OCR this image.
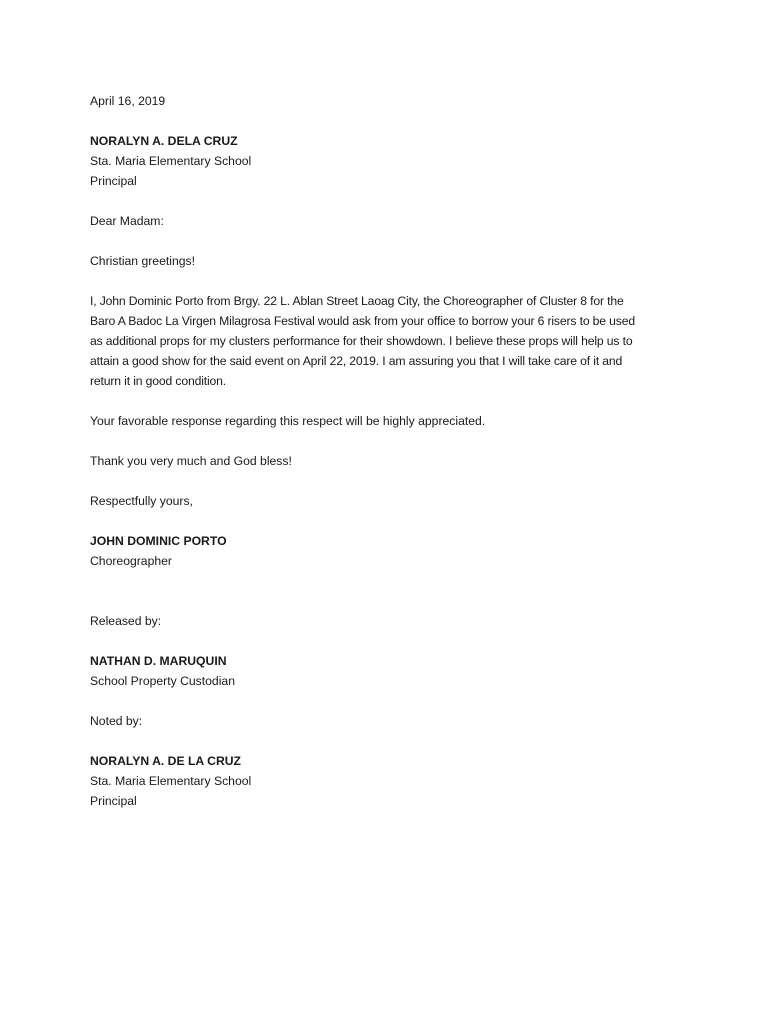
April 16, 2019
NORALYN A. DELA CRUZ
Sta. Maria Elementary School
Principal
Dear Madam:
Christian greetings!
I, John Dominic Porto from Brgy. 22 L. Ablan Street Laoag City, the Choreographer of Cluster 8 for the
Baro A Badoc La Virgen Milagrosa Festival would ask from your office to borrow your 6 risers to be used
as additional props for my clusters performance for their showdown. I believe these props will help us to
attain a good show for the said event on April 22, 2019. I am assuring you that I will take care of it and
return it in good condition.
Your favorable response regarding this respect will be highly appreciated.
Thank you very much and God bless!
Respectfully yours,
JOHN DOMINIC PORTO
Choreographer
Released by:
NATHAN D. MARUQUIN
School Property Custodian
Noted by:
NORALYN A. DE LA CRUZ
Sta. Maria Elementary School
Principal
